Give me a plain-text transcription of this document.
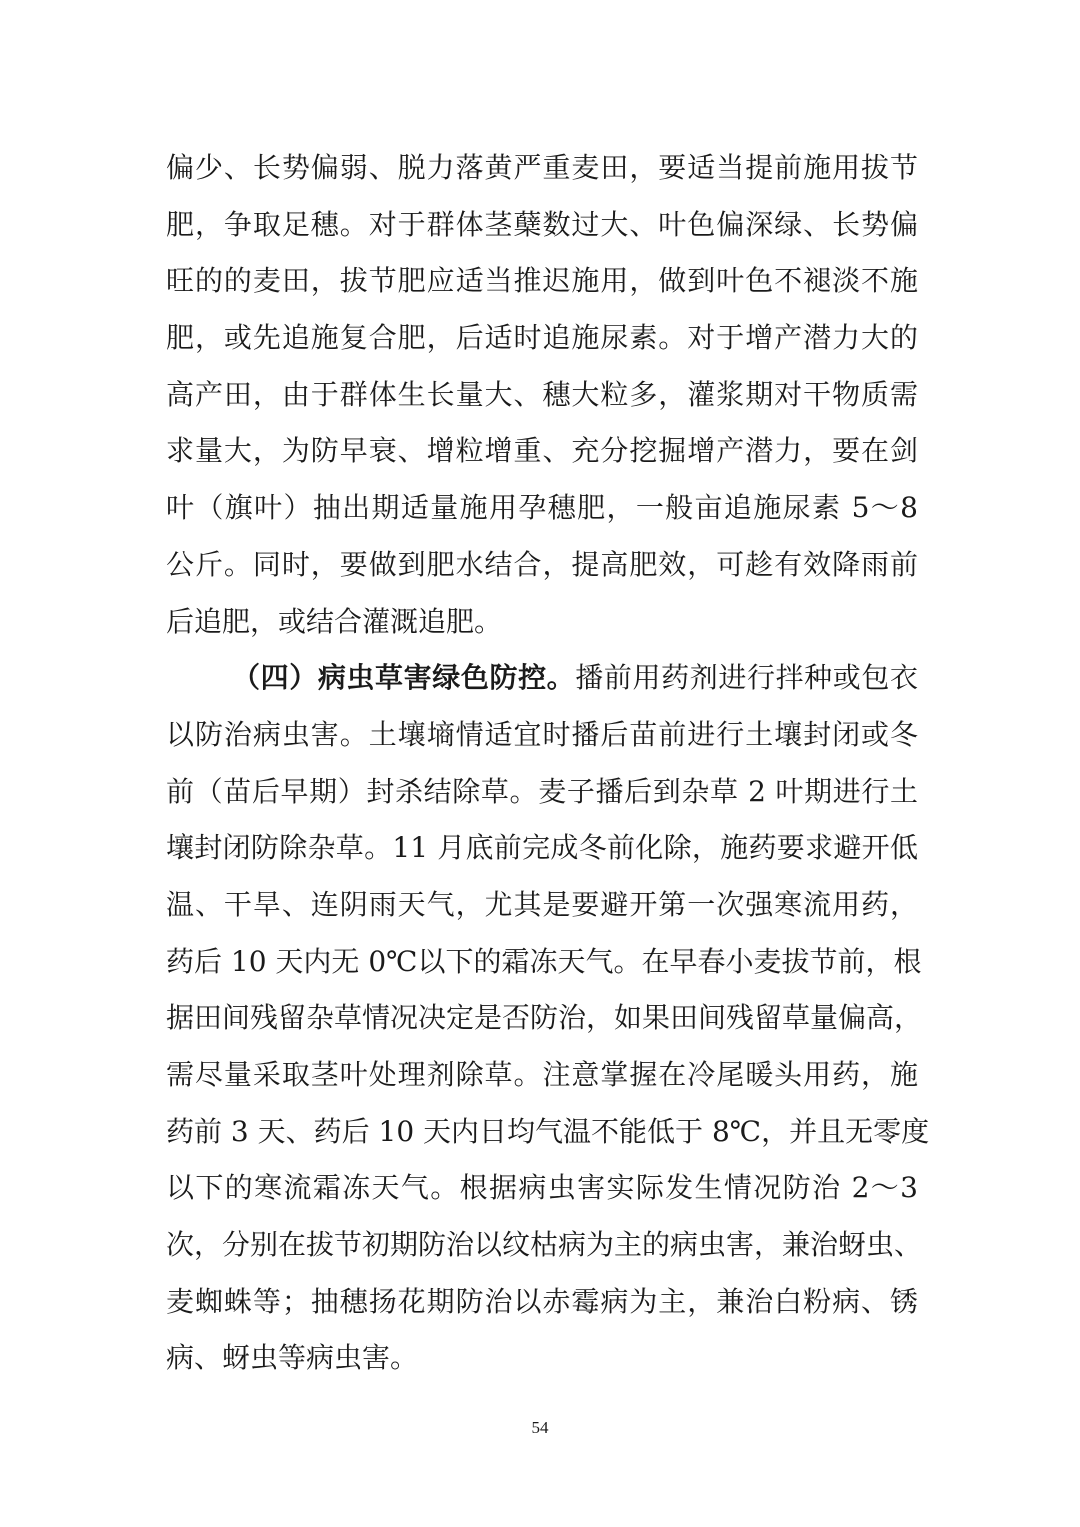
偏少、长势偏弱、脱力落黄严重麦田，要适当提前施用拔节
肥，争取足穗。对于群体茎蘖数过大、叶色偏深绿、长势偏
旺的的麦田，拔节肥应适当推迟施用，做到叶色不褪淡不施
肥，或先追施复合肥，后适时追施尿素。对于增产潜力大的
高产田，由于群体生长量大、穗大粒多，灌浆期对干物质需
求量大，为防早衰、增粒增重、充分挖掘增产潜力，要在剑
叶（旗叶）抽出期适量施用孕穗肥，一般亩追施尿素 5～8
公斤。同时，要做到肥水结合，提高肥效，可趁有效降雨前
后追肥，或结合灌溉追肥。
（四）病虫草害绿色防控。播前用药剂进行拌种或包衣
以防治病虫害。土壤墒情适宜时播后苗前进行土壤封闭或冬
前（苗后早期）封杀结除草。麦子播后到杂草 2 叶期进行土
壤封闭防除杂草。11 月底前完成冬前化除，施药要求避开低
温、干旱、连阴雨天气，尤其是要避开第一次强寒流用药，
药后 10 天内无 0℃以下的霜冻天气。在早春小麦拔节前，根
据田间残留杂草情况决定是否防治，如果田间残留草量偏高，
需尽量采取茎叶处理剂除草。注意掌握在冷尾暖头用药，施
药前 3 天、药后 10 天内日均气温不能低于 8℃，并且无零度
以下的寒流霜冻天气。根据病虫害实际发生情况防治 2～3
次，分别在拔节初期防治以纹枯病为主的病虫害，兼治蚜虫、
麦蜘蛛等；抽穗扬花期防治以赤霉病为主，兼治白粉病、锈
病、蚜虫等病虫害。
54
